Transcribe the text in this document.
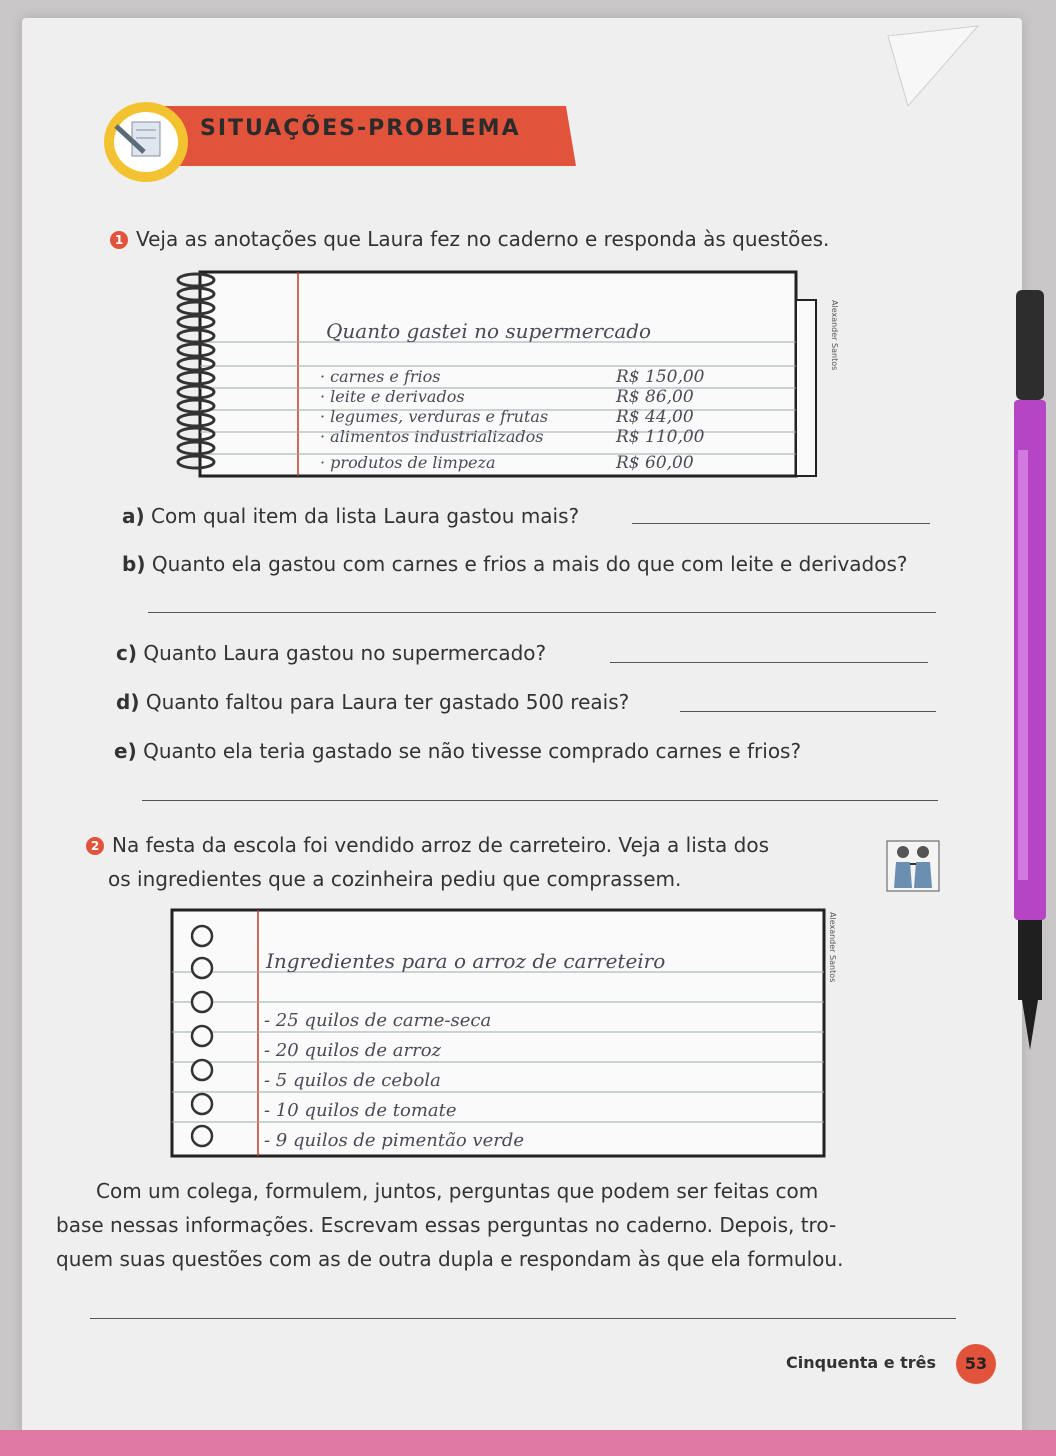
SITUAÇÕES-PROBLEMA
1 Veja as anotações que Laura fez no caderno e responda às questões.
Quanto gastei no supermercado
· carnes e frios	R$ 150,00
· leite e derivados	R$ 86,00
· legumes, verduras e frutas	R$ 44,00
· alimentos industrializados	R$ 110,00
· produtos de limpeza	R$ 60,00
Alexander Santos
a) Com qual item da lista Laura gastou mais?
b) Quanto ela gastou com carnes e frios a mais do que com leite e derivados?
c) Quanto Laura gastou no supermercado?
d) Quanto faltou para Laura ter gastado 500 reais?
e) Quanto ela teria gastado se não tivesse comprado carnes e frios?
2 Na festa da escola foi vendido arroz de carreteiro. Veja a lista dos
os ingredientes que a cozinheira pediu que comprassem.
Ingredientes para o arroz de carreteiro
- 25 quilos de carne-seca
- 20 quilos de arroz
- 5 quilos de cebola
- 10 quilos de tomate
- 9 quilos de pimentão verde
Alexander Santos
Com um colega, formulem, juntos, perguntas que podem ser feitas com
base nessas informações. Escrevam essas perguntas no caderno. Depois, tro-
quem suas questões com as de outra dupla e respondam às que ela formulou.
Cinquenta e três	53
